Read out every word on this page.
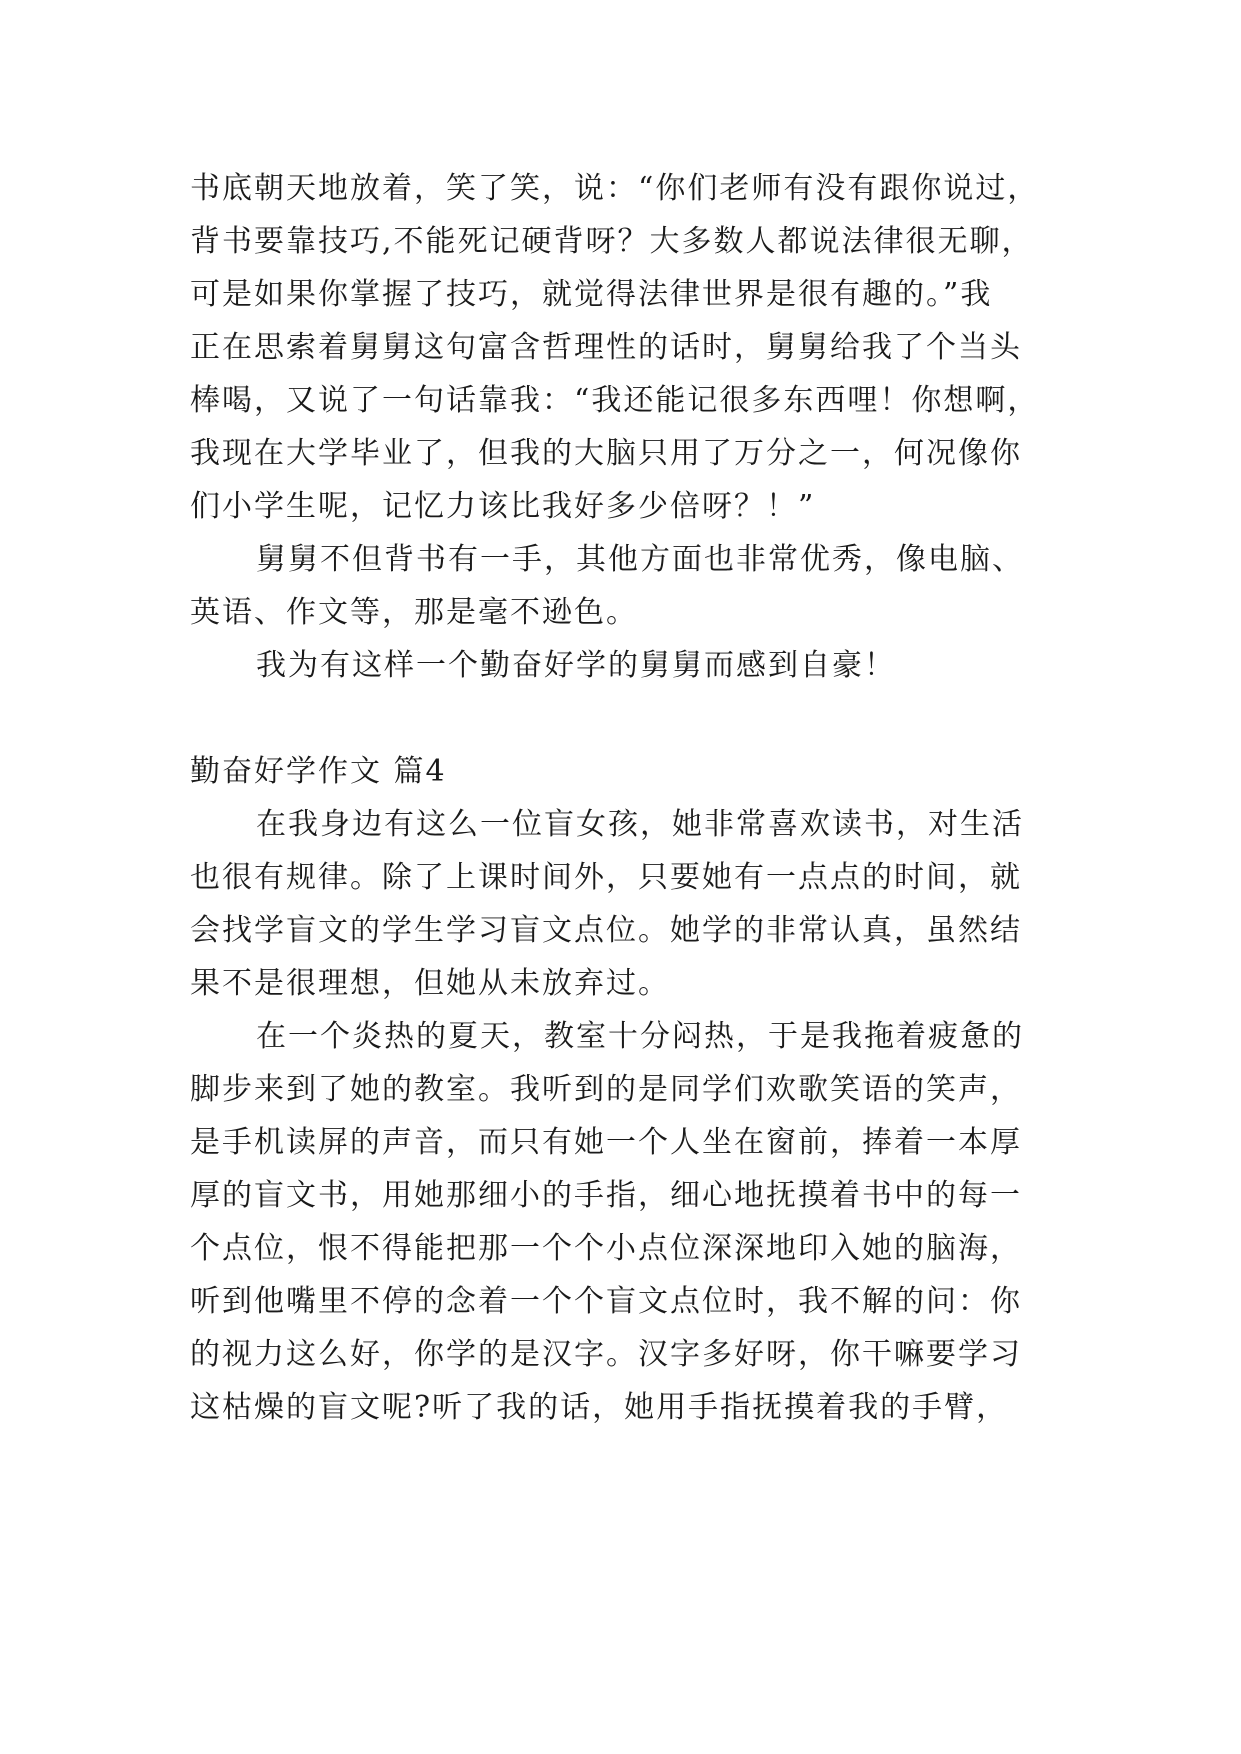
书底朝天地放着，笑了笑，说：“你们老师有没有跟你说过，
背书要靠技巧,不能死记硬背呀？大多数人都说法律很无聊，
可是如果你掌握了技巧，就觉得法律世界是很有趣的。”我
正在思索着舅舅这句富含哲理性的话时，舅舅给我了个当头
棒喝，又说了一句话靠我：“我还能记很多东西哩！你想啊，
我现在大学毕业了，但我的大脑只用了万分之一，何况像你
们小学生呢，记忆力该比我好多少倍呀？！”
舅舅不但背书有一手，其他方面也非常优秀，像电脑、
英语、作文等，那是毫不逊色。
我为有这样一个勤奋好学的舅舅而感到自豪！
勤奋好学作文 篇4
在我身边有这么一位盲女孩，她非常喜欢读书，对生活
也很有规律。除了上课时间外，只要她有一点点的时间，就
会找学盲文的学生学习盲文点位。她学的非常认真，虽然结
果不是很理想，但她从未放弃过。
在一个炎热的夏天，教室十分闷热，于是我拖着疲惫的
脚步来到了她的教室。我听到的是同学们欢歌笑语的笑声，
是手机读屏的声音，而只有她一个人坐在窗前，捧着一本厚
厚的盲文书，用她那细小的手指，细心地抚摸着书中的每一
个点位，恨不得能把那一个个小点位深深地印入她的脑海，
听到他嘴里不停的念着一个个盲文点位时，我不解的问：你
的视力这么好，你学的是汉字。汉字多好呀，你干嘛要学习
这枯燥的盲文呢?听了我的话，她用手指抚摸着我的手臂，
